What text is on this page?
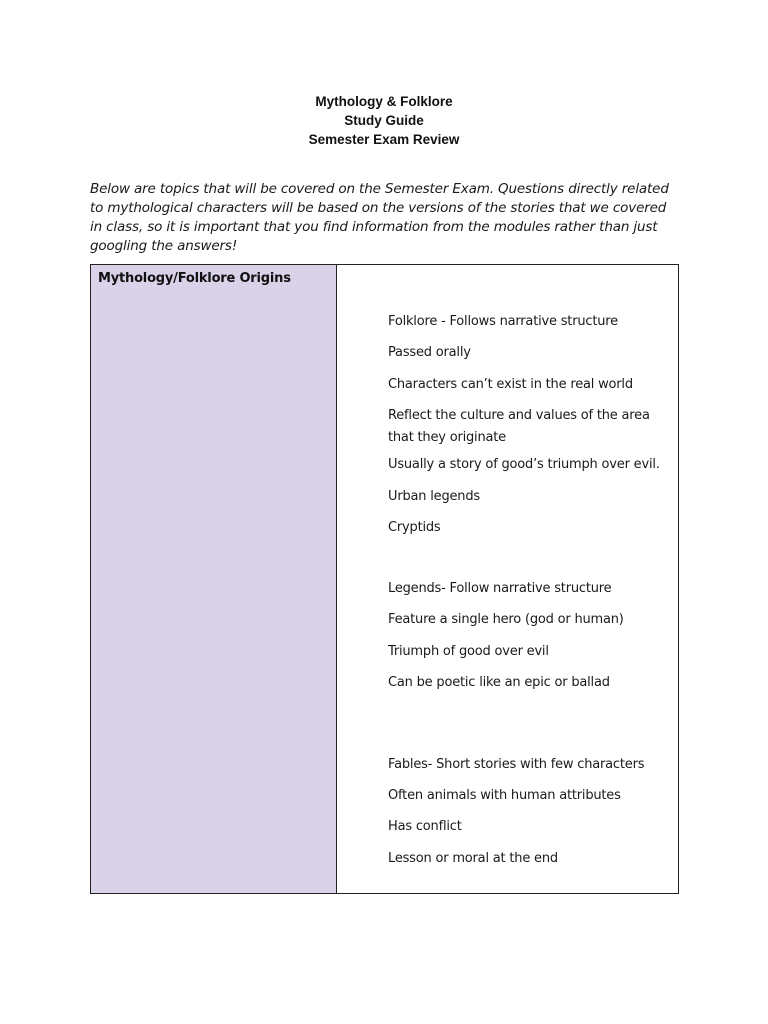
Mythology & Folklore
Study Guide
Semester Exam Review

Below are topics that will be covered on the Semester Exam. Questions directly related to mythological characters will be based on the versions of the stories that we covered in class, so it is important that you find information from the modules rather than just googling the answers!

Mythology/Folklore Origins
Folklore - Follows narrative structure
Passed orally
Characters can’t exist in the real world
Reflect the culture and values of the area that they originate
Usually a story of good’s triumph over evil.
Urban legends
Cryptids
Legends- Follow narrative structure
Feature a single hero (god or human)
Triumph of good over evil
Can be poetic like an epic or ballad
Fables- Short stories with few characters
Often animals with human attributes
Has conflict
Lesson or moral at the end
